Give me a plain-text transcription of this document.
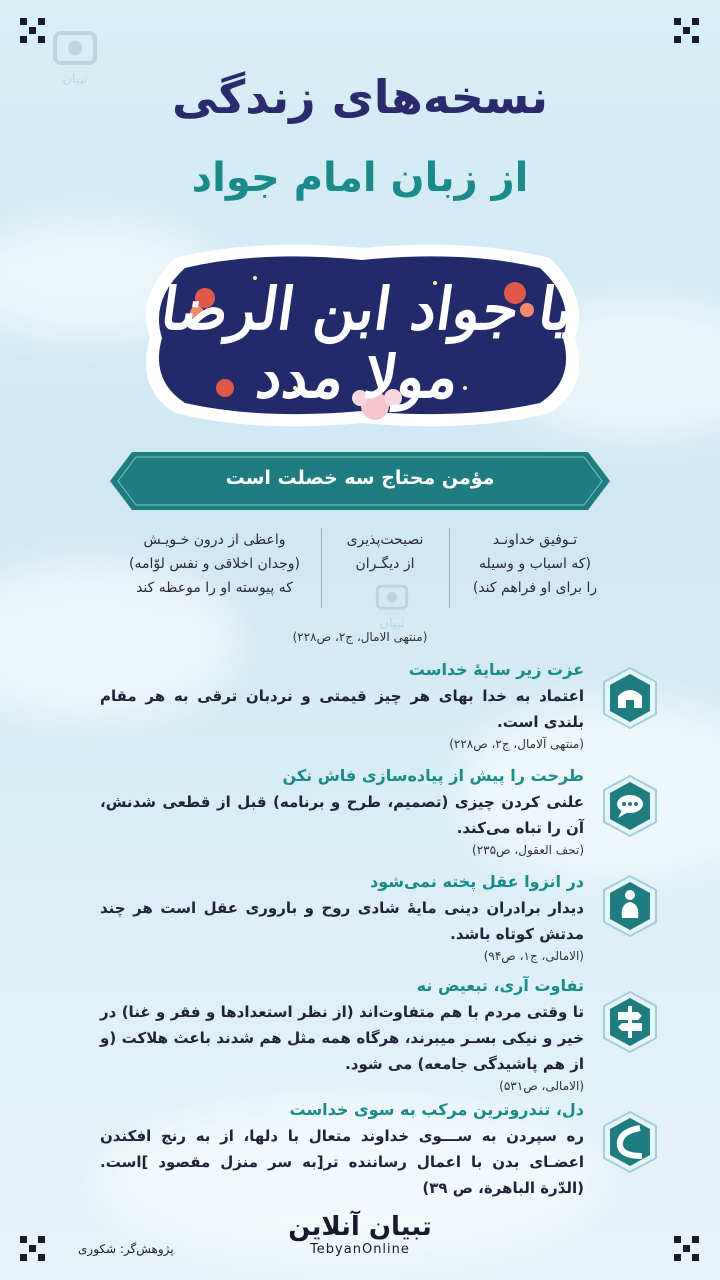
تبیان
تبیان
نسخه‌های زندگی
از زبان امام جواد
یا جواد ابن الرضا مولا مدد
مؤمن محتاج سه خصلت است
تـوفیق خداونـد
(که اسباب و وسیله
را برای او فراهم کند)
نصیحت‌پذیری
از دیگـران
واعظی از درون خـویـش
(وجدان اخلاقی و نفس لوّامه)
که پیوسته او را موعظه کند
(منتهی الامال، ج۲، ص۲۲۸)
عزت زیر سایهٔ خداست
اعتماد به خدا بهای هر چیز قیمتی و نردبان ترقی به هر مقام بلندی است.
(منتهی آلامال، ج۲، ص۲۲۸)
طرحت را پیش از پیاده‌سازی فاش نکن
علنی کردن چیزی (تصمیم، طرح و برنامه) قبل از قطعی شدنش، آن را تباه می‌کند.
(تحف العقول، ص۲۳۵)
در انزوا عقل پخته نمی‌شود
دیدار برادران دینی مایهٔ شادی روح و باروری عقل است هر چند مدتش کوتاه باشد.
(الامالی، ج۱، ص۹۴)
تفاوت آری، تبعیض نه
تا وقتی مردم با هم متفاوت‌اند (از نظر استعدادها و فقر و غنا) در خیر و نیکی بسـر میبرند، هرگاه همه مثل هم شدند باعث هلاکت (و از هم پاشیدگی جامعه) می شود.
(الامالی، ص۵۳۱)
دل، تندروترین مرکب به سوی خداست
ره سپردن به ســـوی خداوند متعال با دلها، از به رنج افکندن اعضـای بدن با اعمال رساننده تر[به سر منزل مقصود ]است. (الدّرة الباهرة، ص ۳۹)
تبیان آنلاین
TebyanOnline
پژوهش‌گر: شکوری
